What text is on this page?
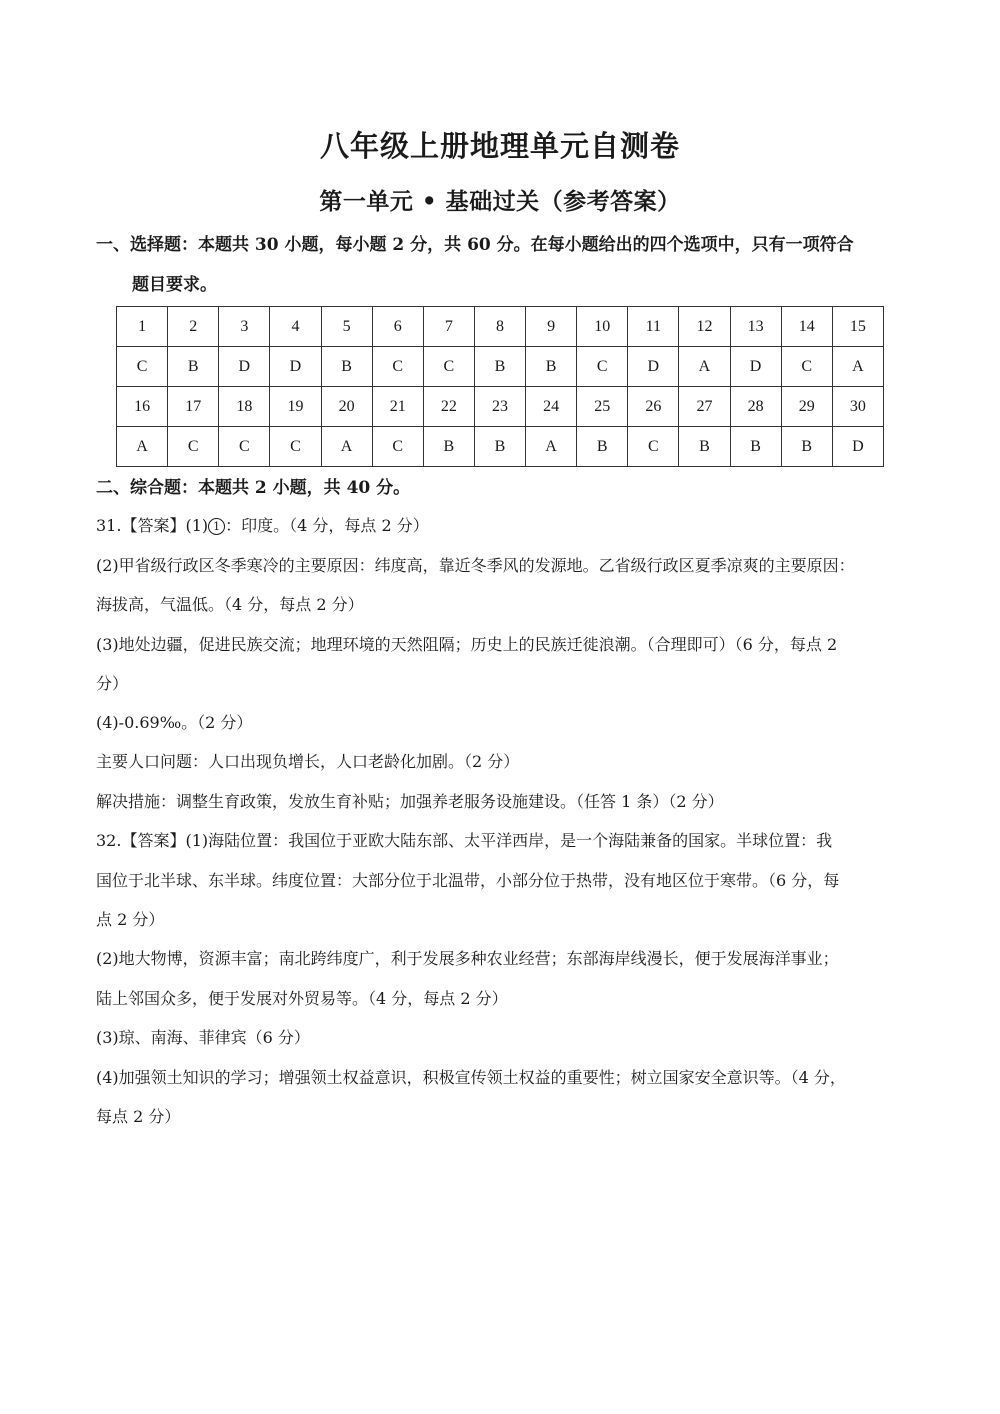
八年级上册地理单元自测卷
第一单元 • 基础过关（参考答案）
一、选择题：本题共 30 小题，每小题 2 分，共 60 分。在每小题给出的四个选项中，只有一项符合
题目要求。
1	2	3	4	5	6	7	8	9	10	11	12	13	14	15
C	B	D	D	B	C	C	B	B	C	D	A	D	C	A
16	17	18	19	20	21	22	23	24	25	26	27	28	29	30
A	C	C	C	A	C	B	B	A	B	C	B	B	B	D
二、综合题：本题共 2 小题，共 40 分。
31.【答案】(1) 1 ：印度。（4 分，每点 2 分）
(2)甲省级行政区冬季寒冷的主要原因：纬度高，靠近冬季风的发源地。乙省级行政区夏季凉爽的主要原因：
海拔高，气温低。（4 分，每点 2 分）
(3)地处边疆，促进民族交流；地理环境的天然阻隔；历史上的民族迁徙浪潮。（合理即可）（6 分，每点 2
分）
(4)-0.69‰。（2 分）
主要人口问题：人口出现负增长，人口老龄化加剧。（2 分）
解决措施：调整生育政策，发放生育补贴；加强养老服务设施建设。（任答 1 条）（2 分）
32.【答案】(1)海陆位置：我国位于亚欧大陆东部、太平洋西岸，是一个海陆兼备的国家。半球位置：我
国位于北半球、东半球。纬度位置：大部分位于北温带，小部分位于热带，没有地区位于寒带。（6 分，每
点 2 分）
(2)地大物博，资源丰富；南北跨纬度广，利于发展多种农业经营；东部海岸线漫长，便于发展海洋事业；
陆上邻国众多，便于发展对外贸易等。（4 分，每点 2 分）
(3)琼、南海、菲律宾（6 分）
(4)加强领土知识的学习；增强领土权益意识，积极宣传领土权益的重要性；树立国家安全意识等。（4 分，
每点 2 分）
